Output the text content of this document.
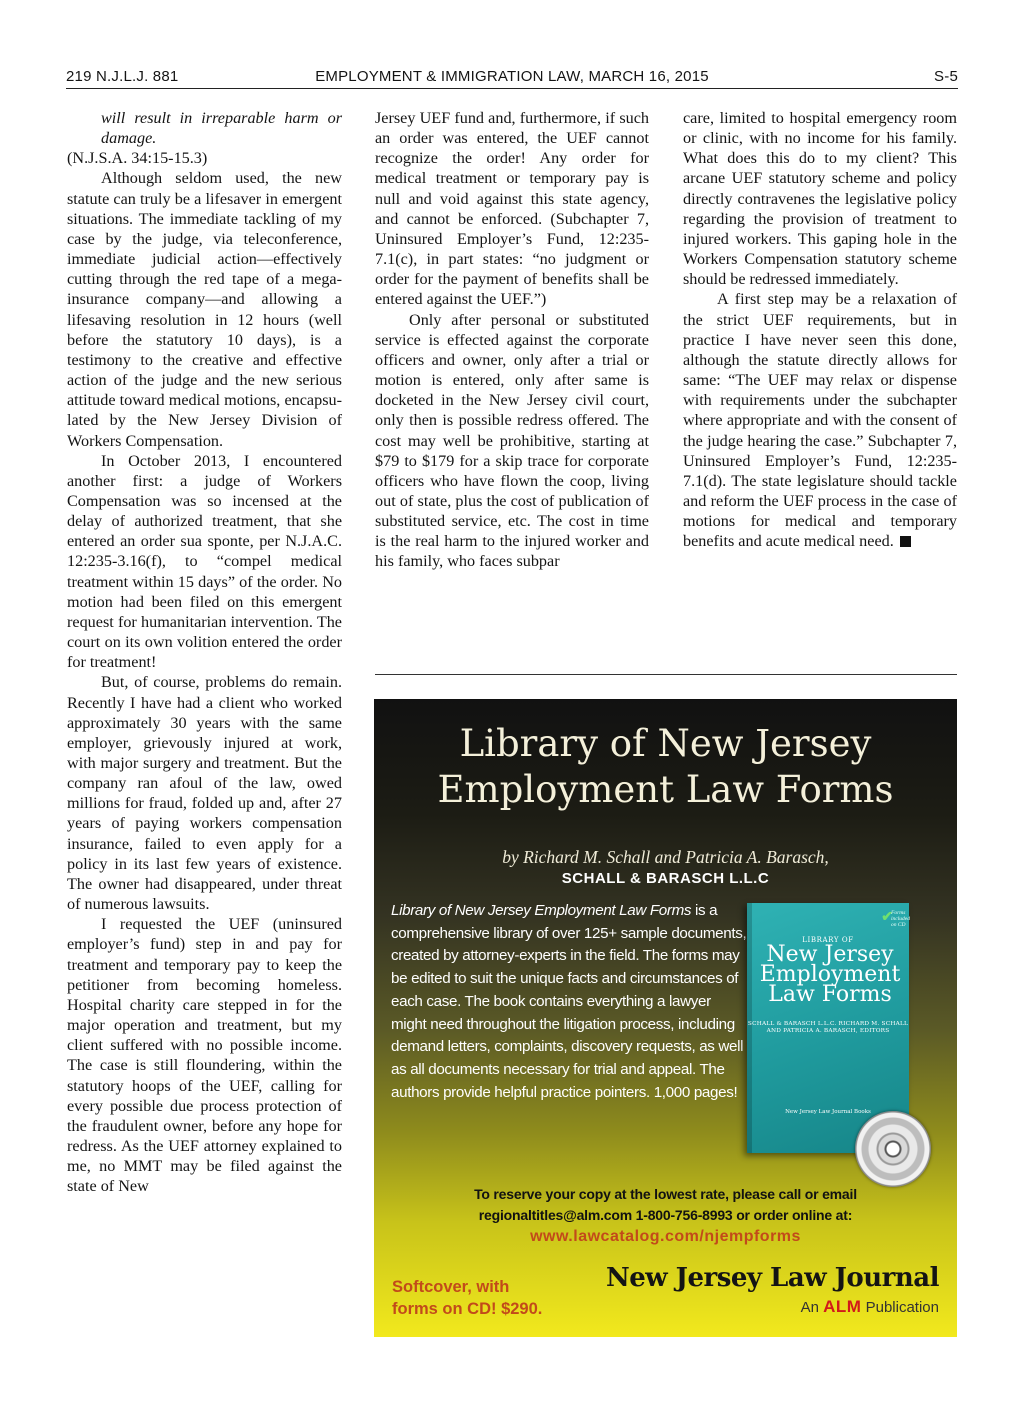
219 N.J.L.J. 881	EMPLOYMENT & IMMIGRATION LAW, MARCH 16, 2015	S-5

will result in irreparable harm or damage.

(N.J.S.A. 34:15-15.3)

Although seldom used, the new statute can truly be a lifesaver in emergent situations. The immediate tackling of my case by the judge, via teleconference, immediate judicial action—effectively cutting through the red tape of a mega-insurance company—and allowing a lifesaving resolution in 12 hours (well before the statutory 10 days), is a testimony to the creative and effective action of the judge and the new serious attitude toward medical motions, encapsulated by the New Jersey Division of Workers Compensation.

In October 2013, I encountered another first: a judge of Workers Compensation was so incensed at the delay of authorized treatment, that she entered an order sua sponte, per N.J.A.C. 12:235-3.16(f), to “compel medical treatment within 15 days” of the order. No motion had been filed on this emergent request for humanitarian intervention. The court on its own volition entered the order for treatment!

But, of course, problems do remain. Recently I have had a client who worked approximately 30 years with the same employer, grievously injured at work, with major surgery and treatment. But the company ran afoul of the law, owed millions for fraud, folded up and, after 27 years of paying workers compensation insurance, failed to even apply for a policy in its last few years of existence. The owner had disappeared, under threat of numerous lawsuits.

I requested the UEF (uninsured employer’s fund) step in and pay for treatment and temporary pay to keep the petitioner from becoming homeless. Hospital charity care stepped in for the major operation and treatment, but my client suffered with no possible income. The case is still floundering, within the statutory hoops of the UEF, calling for every possible due process protection of the fraudulent owner, before any hope for redress. As the UEF attorney explained to me, no MMT may be filed against the state of New

Jersey UEF fund and, furthermore, if such an order was entered, the UEF cannot recognize the order! Any order for medical treatment or temporary pay is null and void against this state agency, and cannot be enforced. (Subchapter 7, Uninsured Employer’s Fund, 12:235-7.1(c), in part states: “no judgment or order for the payment of benefits shall be entered against the UEF.”)

Only after personal or substituted service is effected against the corporate officers and owner, only after a trial or motion is entered, only after same is docketed in the New Jersey civil court, only then is possible redress offered. The cost may well be prohibitive, starting at $79 to $179 for a skip trace for corporate officers who have flown the coop, living out of state, plus the cost of publication of substituted service, etc. The cost in time is the real harm to the injured worker and his family, who faces subpar

care, limited to hospital emergency room or clinic, with no income for his family. What does this do to my client? This arcane UEF statutory scheme and policy directly contravenes the legislative policy regarding the provision of treatment to injured workers. This gaping hole in the Workers Compensation statutory scheme should be redressed immediately.

A first step may be a relaxation of the strict UEF requirements, but in practice I have never seen this done, although the statute directly allows for same: “The UEF may relax or dispense with requirements under the subchapter where appropriate and with the consent of the judge hearing the case.” Subchapter 7, Uninsured Employer’s Fund, 12:235-7.1(d). The state legislature should tackle and reform the UEF process in the case of motions for medical and temporary benefits and acute medical need.

Library of New Jersey
Employment Law Forms
by Richard M. Schall and Patricia A. Barasch,
SCHALL & BARASCH L.L.C
Library of New Jersey Employment Law Forms is a comprehensive library of over 125+ sample documents, created by attorney-experts in the field. The forms may be edited to suit the unique facts and circumstances of each case. The book contains everything a lawyer might need throughout the litigation process, including demand letters, complaints, discovery requests, as well as all documents necessary for trial and appeal. The authors provide helpful practice pointers. 1,000 pages!
✔
Forms included on CD
LIBRARY OF
New Jersey Employment Law Forms
SCHALL & BARASCH L.L.C. RICHARD M. SCHALL AND PATRICIA A. BARASCH, EDITORS
New Jersey Law Journal Books
To reserve your copy at the lowest rate, please call or email
regionaltitles@alm.com 1-800-756-8993 or order online at:
www.lawcatalog.com/njempforms
Softcover, with
forms on CD! $290.
New Jersey Law Journal
An ALM Publication
